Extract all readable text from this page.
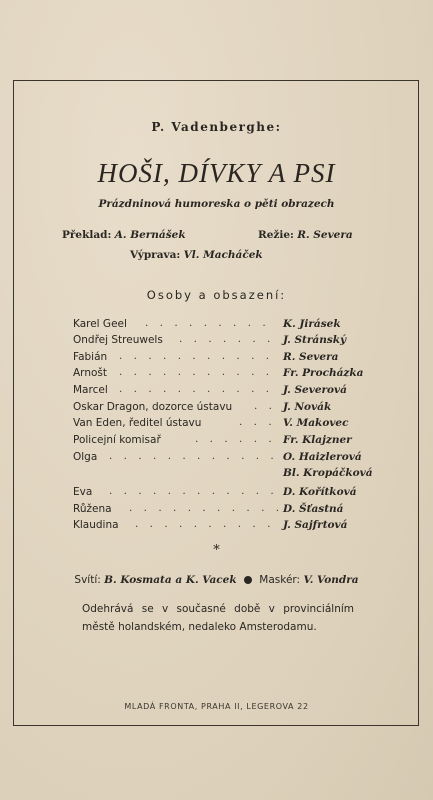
P. Vadenberghe:
HOŠI, DÍVKY A PSI
Prázdninová humoreska o pěti obrazech
Překlad: A. Bernášek	Režie: R. Severa
Výprava: Vl. Macháček
Osoby a obsazení:
Karel Geel . . . . . . . . . K. Jirásek
Ondřej Streuwels . . . . . . . J. Stránský
Fabián . . . . . . . . . . . R. Severa
Arnošt . . . . . . . . . . . Fr. Procházka
Marcel . . . . . . . . . . . J. Severová
Oskar Dragon, dozorce ústavu . . J. Novák
Van Eden, ředitel ústavu	. . . V. Makovec
Policejní komisař	. . . . . . Fr. Klajzner
Olga . . . . . . . . . . . . O. Haizlerová
Bl. Kropáčková
Eva . . . . . . . . . . . . D. Kořítková
Růžena . . . . . . . . . . . D. Šťastná
Klaudina . . . . . . . . . . J. Sajfrtová
*
Svítí: B. Kosmata a K. Vacek Maskér: V. Vondra
Odehrává se v současné době v provinciálním městě holandském, nedaleko Amsterodamu.
MLADÁ FRONTA, PRAHA II, LEGEROVA 22
